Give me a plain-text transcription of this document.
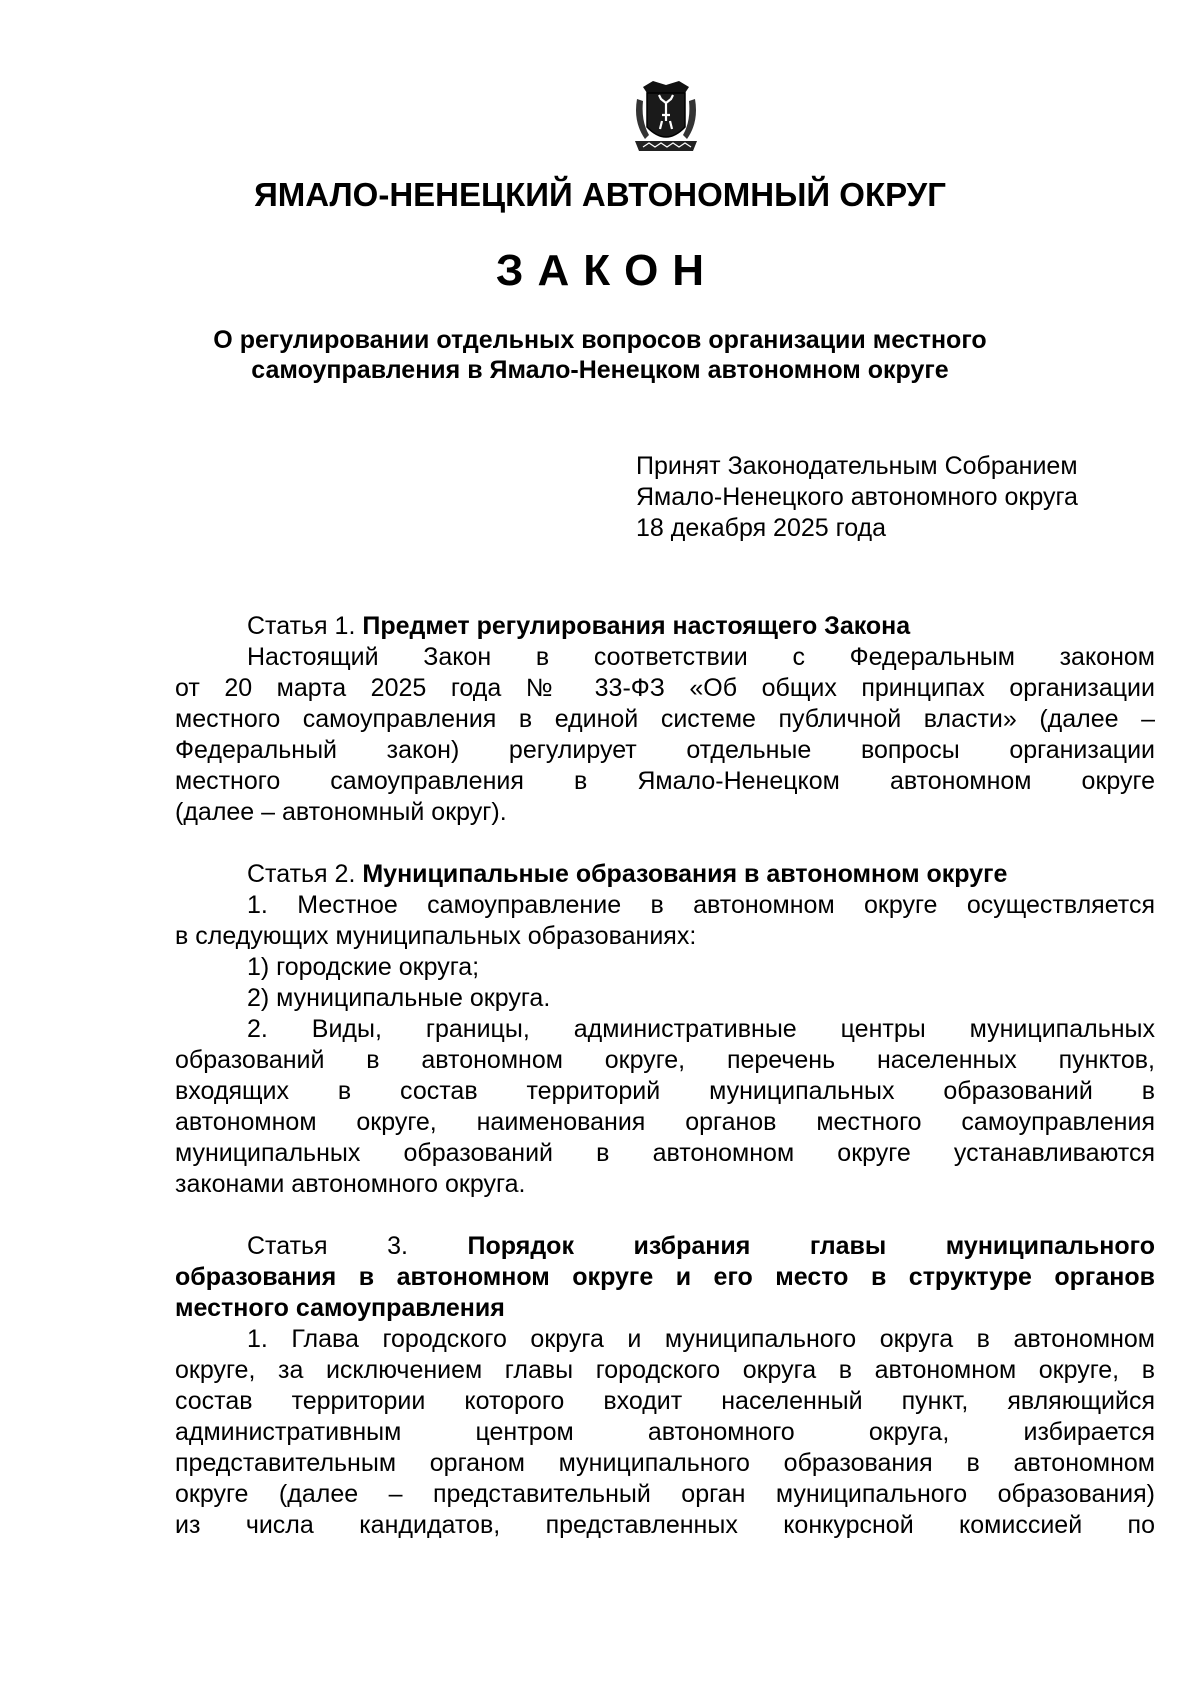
ЯМАЛО-НЕНЕЦКИЙ АВТОНОМНЫЙ ОКРУГ
ЗАКОН
О регулировании отдельных вопросов организации местного
самоуправления в Ямало-Ненецком автономном округе
Принят Законодательным Собранием
Ямало-Ненецкого автономного округа
18 декабря 2025 года
Статья 1. Предмет регулирования настоящего Закона
Настоящий Закон в соответствии с Федеральным законом
от 20 марта 2025 года № 33-ФЗ «Об общих принципах организации
местного самоуправления в единой системе публичной власти» (далее –
Федеральный закон) регулирует отдельные вопросы организации
местного самоуправления в Ямало-Ненецком автономном округе
(далее – автономный округ).
Статья 2. Муниципальные образования в автономном округе
1. Местное самоуправление в автономном округе осуществляется
в следующих муниципальных образованиях:
1) городские округа;
2) муниципальные округа.
2. Виды, границы, административные центры муниципальных
образований в автономном округе, перечень населенных пунктов,
входящих в состав территорий муниципальных образований в
автономном округе, наименования органов местного самоуправления
муниципальных образований в автономном округе устанавливаются
законами автономного округа.
Статья 3. Порядок избрания главы муниципального
образования в автономном округе и его место в структуре органов
местного самоуправления
1. Глава городского округа и муниципального округа в автономном
округе, за исключением главы городского округа в автономном округе, в
состав территории которого входит населенный пункт, являющийся
административным центром автономного округа, избирается
представительным органом муниципального образования в автономном
округе (далее – представительный орган муниципального образования)
из числа кандидатов, представленных конкурсной комиссией по
